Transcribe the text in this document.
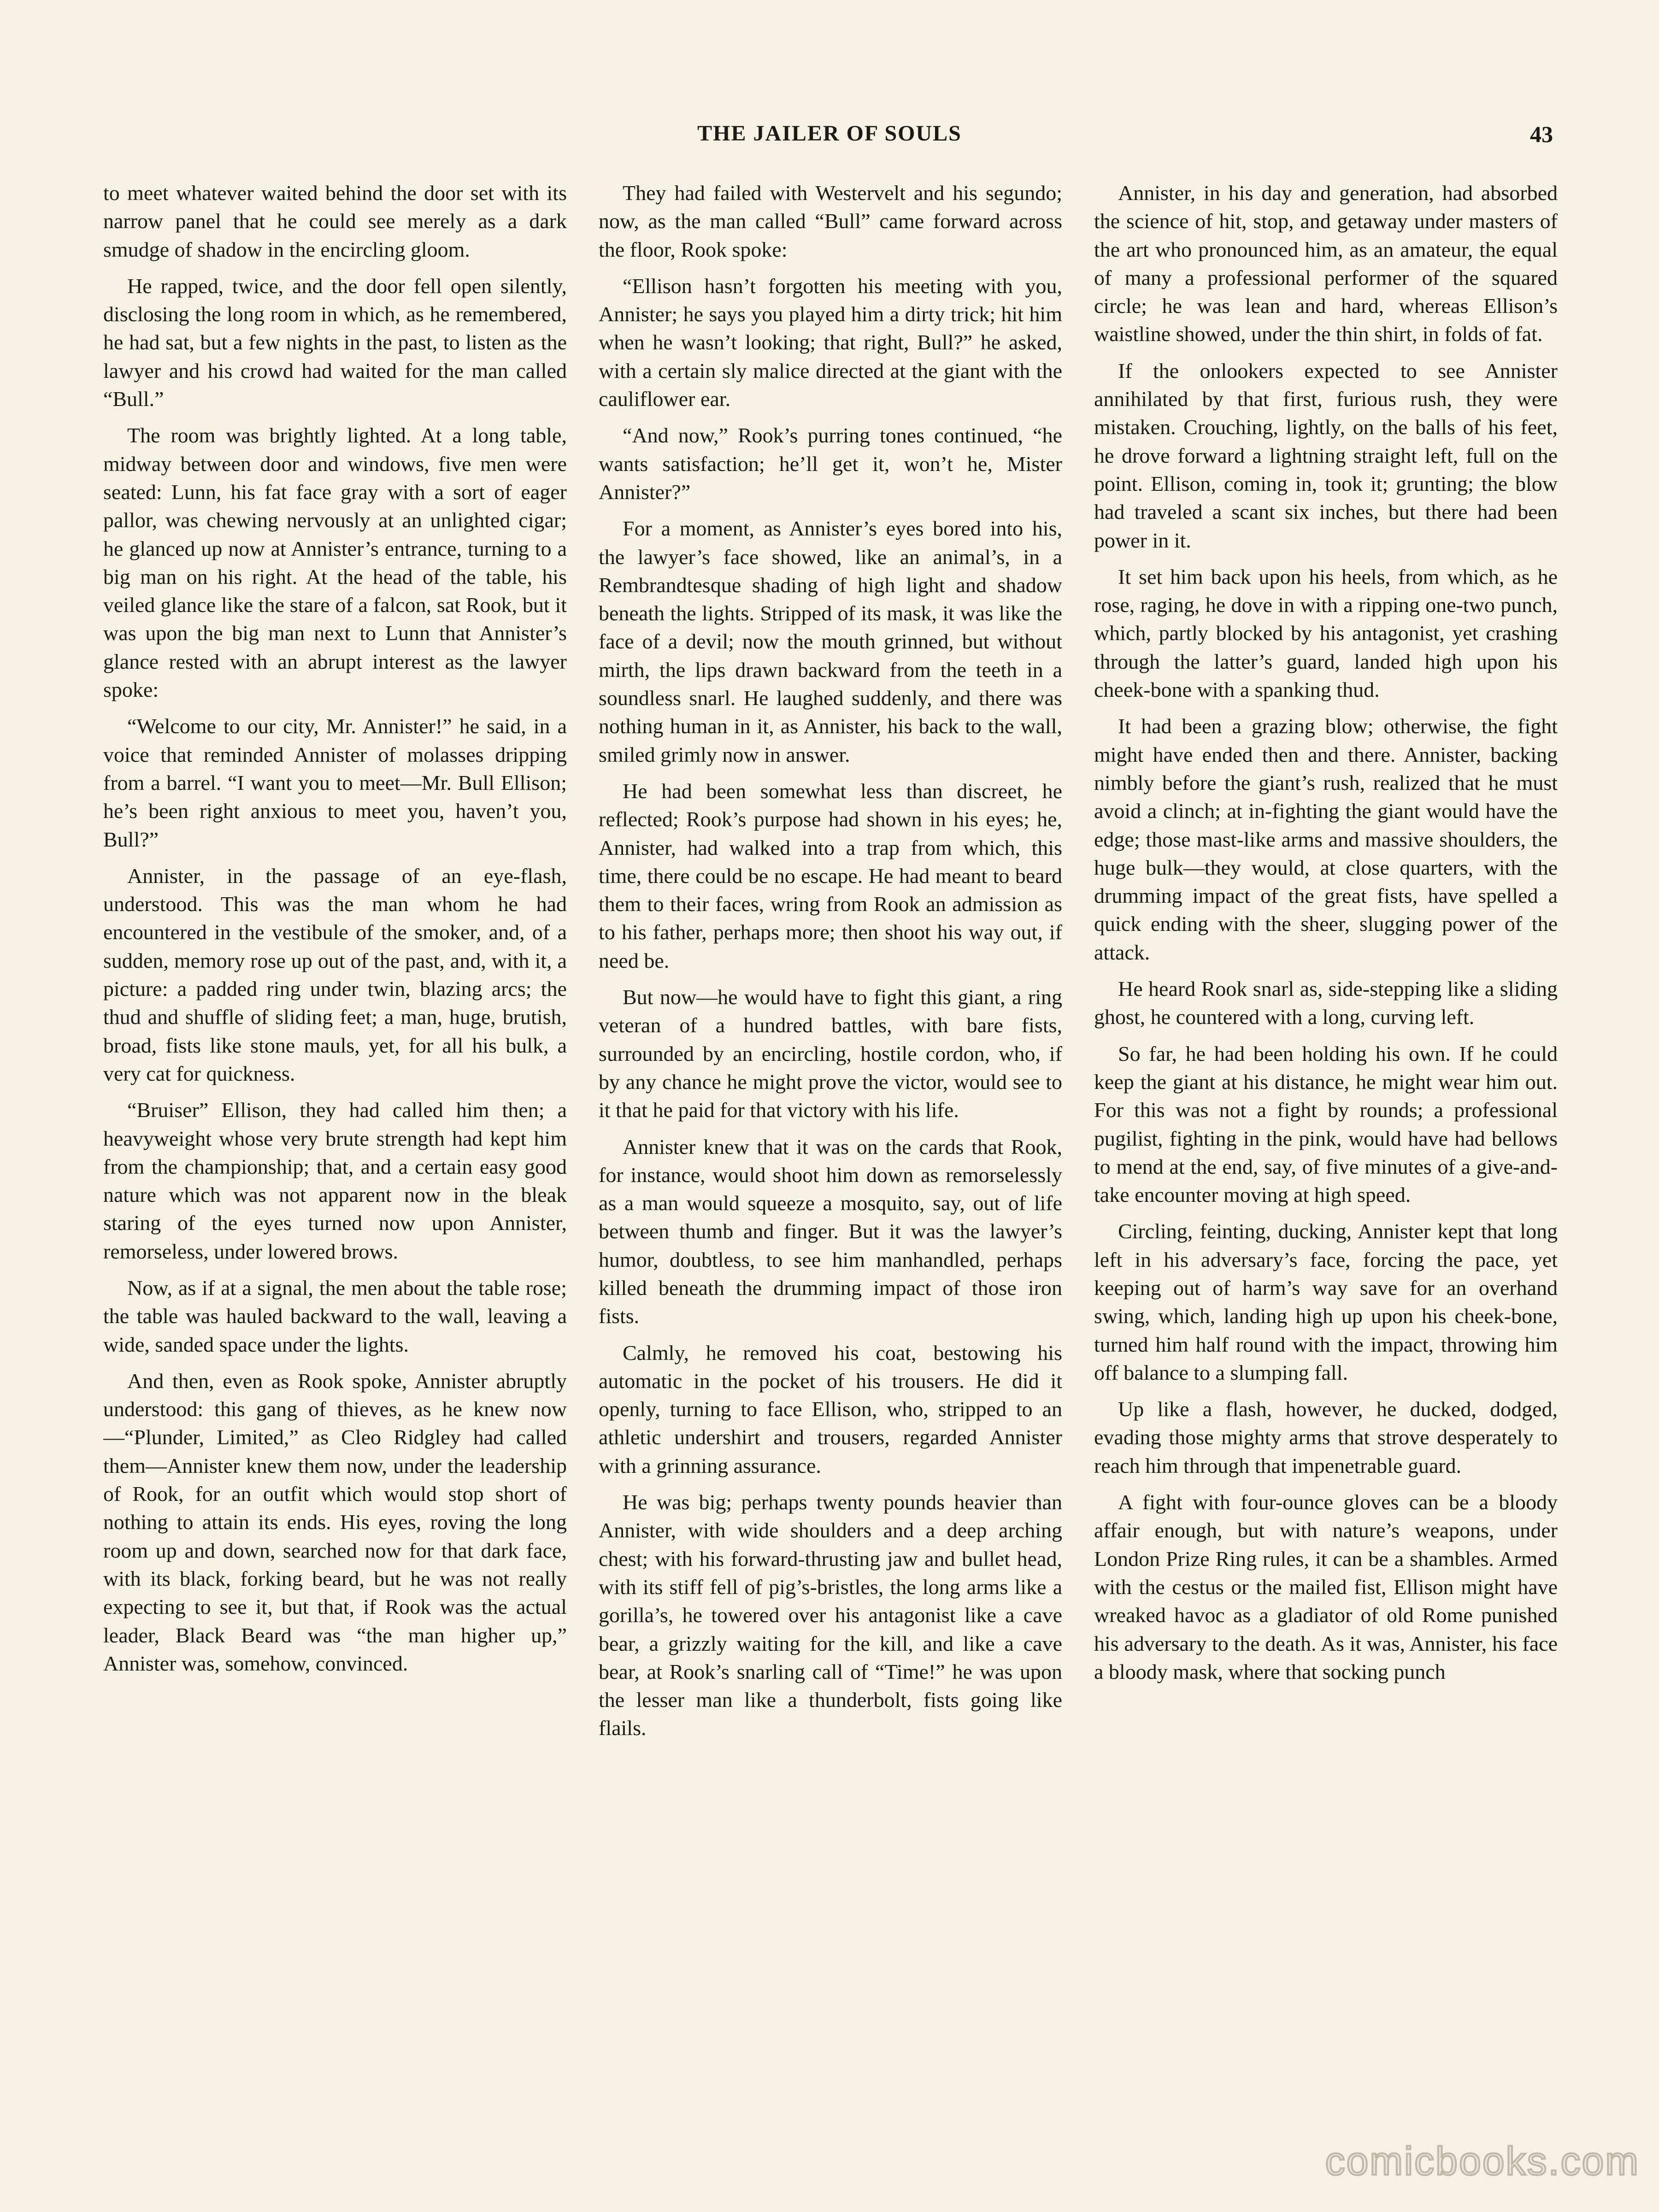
THE JAILER OF SOULS	43

to meet whatever waited behind the door set with its narrow panel that he could see merely as a dark smudge of shadow in the encircling gloom.

He rapped, twice, and the door fell open silently, disclosing the long room in which, as he remembered, he had sat, but a few nights in the past, to listen as the lawyer and his crowd had waited for the man called “Bull.”

The room was brightly lighted. At a long table, midway between door and windows, five men were seated: Lunn, his fat face gray with a sort of eager pallor, was chewing nervously at an unlighted cigar; he glanced up now at Annister’s entrance, turning to a big man on his right. At the head of the table, his veiled glance like the stare of a falcon, sat Rook, but it was upon the big man next to Lunn that Annister’s glance rested with an abrupt interest as the lawyer spoke:

“Welcome to our city, Mr. Annister!” he said, in a voice that reminded Annister of molasses dripping from a barrel. “I want you to meet—Mr. Bull Ellison; he’s been right anxious to meet you, haven’t you, Bull?”

Annister, in the passage of an eye-flash, understood. This was the man whom he had encountered in the vestibule of the smoker, and, of a sudden, memory rose up out of the past, and, with it, a picture: a padded ring under twin, blazing arcs; the thud and shuffle of sliding feet; a man, huge, brutish, broad, fists like stone mauls, yet, for all his bulk, a very cat for quickness.

“Bruiser” Ellison, they had called him then; a heavyweight whose very brute strength had kept him from the championship; that, and a certain easy good nature which was not apparent now in the bleak staring of the eyes turned now upon Annister, remorseless, under lowered brows.

Now, as if at a signal, the men about the table rose; the table was hauled backward to the wall, leaving a wide, sanded space under the lights.

And then, even as Rook spoke, Annister abruptly understood: this gang of thieves, as he knew now—“Plunder, Limited,” as Cleo Ridgley had called them—Annister knew them now, under the leadership of Rook, for an outfit which would stop short of nothing to attain its ends. His eyes, roving the long room up and down, searched now for that dark face, with its black, forking beard, but he was not really expecting to see it, but that, if Rook was the actual leader, Black Beard was “the man higher up,” Annister was, somehow, convinced.

They had failed with Westervelt and his segundo; now, as the man called “Bull” came forward across the floor, Rook spoke:

“Ellison hasn’t forgotten his meeting with you, Annister; he says you played him a dirty trick; hit him when he wasn’t looking; that right, Bull?” he asked, with a certain sly malice directed at the giant with the cauliflower ear.

“And now,” Rook’s purring tones continued, “he wants satisfaction; he’ll get it, won’t he, Mister Annister?”

For a moment, as Annister’s eyes bored into his, the lawyer’s face showed, like an animal’s, in a Rembrandtesque shading of high light and shadow beneath the lights. Stripped of its mask, it was like the face of a devil; now the mouth grinned, but without mirth, the lips drawn backward from the teeth in a soundless snarl. He laughed suddenly, and there was nothing human in it, as Annister, his back to the wall, smiled grimly now in answer.

He had been somewhat less than discreet, he reflected; Rook’s purpose had shown in his eyes; he, Annister, had walked into a trap from which, this time, there could be no escape. He had meant to beard them to their faces, wring from Rook an admission as to his father, perhaps more; then shoot his way out, if need be.

But now—he would have to fight this giant, a ring veteran of a hundred battles, with bare fists, surrounded by an encircling, hostile cordon, who, if by any chance he might prove the victor, would see to it that he paid for that victory with his life.

Annister knew that it was on the cards that Rook, for instance, would shoot him down as remorselessly as a man would squeeze a mosquito, say, out of life between thumb and finger. But it was the lawyer’s humor, doubtless, to see him manhandled, perhaps killed beneath the drumming impact of those iron fists.

Calmly, he removed his coat, bestowing his automatic in the pocket of his trousers. He did it openly, turning to face Ellison, who, stripped to an athletic undershirt and trousers, regarded Annister with a grinning assurance.

He was big; perhaps twenty pounds heavier than Annister, with wide shoulders and a deep arching chest; with his forward-thrusting jaw and bullet head, with its stiff fell of pig’s-bristles, the long arms like a gorilla’s, he towered over his antagonist like a cave bear, a grizzly waiting for the kill, and like a cave bear, at Rook’s snarling call of “Time!” he was upon the lesser man like a thunderbolt, fists going like flails.

Annister, in his day and generation, had absorbed the science of hit, stop, and getaway under masters of the art who pronounced him, as an amateur, the equal of many a professional performer of the squared circle; he was lean and hard, whereas Ellison’s waistline showed, under the thin shirt, in folds of fat.

If the onlookers expected to see Annister annihilated by that first, furious rush, they were mistaken. Crouching, lightly, on the balls of his feet, he drove forward a lightning straight left, full on the point. Ellison, coming in, took it; grunting; the blow had traveled a scant six inches, but there had been power in it.

It set him back upon his heels, from which, as he rose, raging, he dove in with a ripping one-two punch, which, partly blocked by his antagonist, yet crashing through the latter’s guard, landed high upon his cheek-bone with a spanking thud.

It had been a grazing blow; otherwise, the fight might have ended then and there. Annister, backing nimbly before the giant’s rush, realized that he must avoid a clinch; at in-fighting the giant would have the edge; those mast-like arms and massive shoulders, the huge bulk—they would, at close quarters, with the drumming impact of the great fists, have spelled a quick ending with the sheer, slugging power of the attack.

He heard Rook snarl as, side-stepping like a sliding ghost, he countered with a long, curving left.

So far, he had been holding his own. If he could keep the giant at his distance, he might wear him out. For this was not a fight by rounds; a professional pugilist, fighting in the pink, would have had bellows to mend at the end, say, of five minutes of a give-and-take encounter moving at high speed.

Circling, feinting, ducking, Annister kept that long left in his adversary’s face, forcing the pace, yet keeping out of harm’s way save for an overhand swing, which, landing high up upon his cheek-bone, turned him half round with the impact, throwing him off balance to a slumping fall.

Up like a flash, however, he ducked, dodged, evading those mighty arms that strove desperately to reach him through that impenetrable guard.

A fight with four-ounce gloves can be a bloody affair enough, but with nature’s weapons, under London Prize Ring rules, it can be a shambles. Armed with the cestus or the mailed fist, Ellison might have wreaked havoc as a gladiator of old Rome punished his adversary to the death. As it was, Annister, his face a bloody mask, where that socking punch

comicbooks.com
